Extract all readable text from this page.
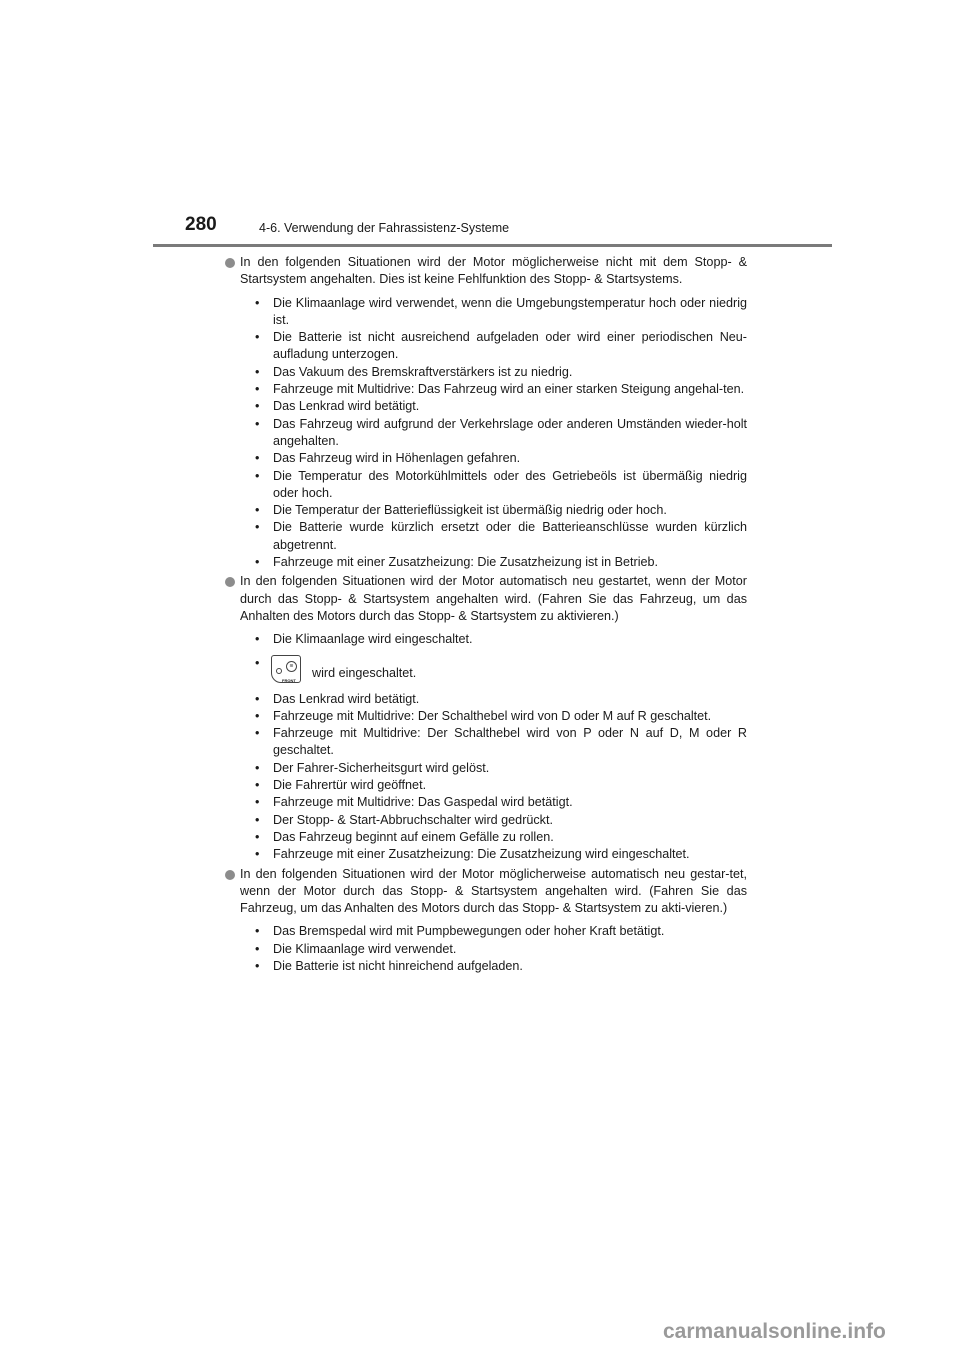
280	4-6. Verwendung der Fahrassistenz-Systeme
In den folgenden Situationen wird der Motor möglicherweise nicht mit dem Stopp- & Startsystem angehalten. Dies ist keine Fehlfunktion des Stopp- & Startsystems.
• Die Klimaanlage wird verwendet, wenn die Umgebungstemperatur hoch oder niedrig ist.
• Die Batterie ist nicht ausreichend aufgeladen oder wird einer periodischen Neu-aufladung unterzogen.
• Das Vakuum des Bremskraftverstärkers ist zu niedrig.
• Fahrzeuge mit Multidrive: Das Fahrzeug wird an einer starken Steigung angehal-ten.
• Das Lenkrad wird betätigt.
• Das Fahrzeug wird aufgrund der Verkehrslage oder anderen Umständen wieder-holt angehalten.
• Das Fahrzeug wird in Höhenlagen gefahren.
• Die Temperatur des Motorkühlmittels oder des Getriebeöls ist übermäßig niedrig oder hoch.
• Die Temperatur der Batterieflüssigkeit ist übermäßig niedrig oder hoch.
• Die Batterie wurde kürzlich ersetzt oder die Batterieanschlüsse wurden kürzlich abgetrennt.
• Fahrzeuge mit einer Zusatzheizung: Die Zusatzheizung ist in Betrieb.
In den folgenden Situationen wird der Motor automatisch neu gestartet, wenn der Motor durch das Stopp- & Startsystem angehalten wird. (Fahren Sie das Fahrzeug, um das Anhalten des Motors durch das Stopp- & Startsystem zu aktivieren.)
• Die Klimaanlage wird eingeschaltet.
•	≋
FRONT
wird eingeschaltet.
• Das Lenkrad wird betätigt.
• Fahrzeuge mit Multidrive: Der Schalthebel wird von D oder M auf R geschaltet.
• Fahrzeuge mit Multidrive: Der Schalthebel wird von P oder N auf D, M oder R geschaltet.
• Der Fahrer-Sicherheitsgurt wird gelöst.
• Die Fahrertür wird geöffnet.
• Fahrzeuge mit Multidrive: Das Gaspedal wird betätigt.
• Der Stopp- & Start-Abbruchschalter wird gedrückt.
• Das Fahrzeug beginnt auf einem Gefälle zu rollen.
• Fahrzeuge mit einer Zusatzheizung: Die Zusatzheizung wird eingeschaltet.
In den folgenden Situationen wird der Motor möglicherweise automatisch neu gestar-tet, wenn der Motor durch das Stopp- & Startsystem angehalten wird. (Fahren Sie das Fahrzeug, um das Anhalten des Motors durch das Stopp- & Startsystem zu akti-vieren.)
• Das Bremspedal wird mit Pumpbewegungen oder hoher Kraft betätigt.
• Die Klimaanlage wird verwendet.
• Die Batterie ist nicht hinreichend aufgeladen.
carmanualsonline.info
